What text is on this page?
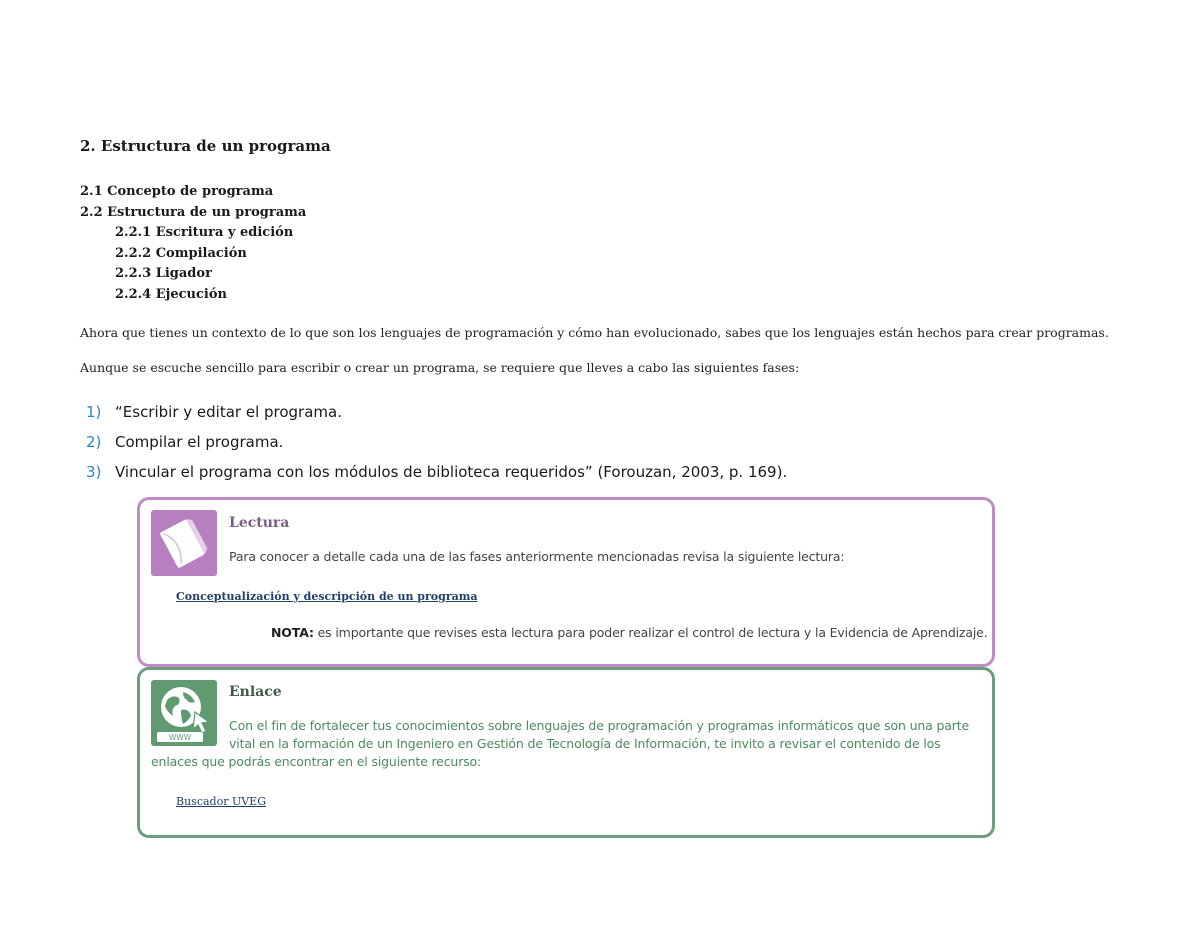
2. Estructura de un programa
2.1 Concepto de programa
2.2 Estructura de un programa
2.2.1 Escritura y edición
2.2.2 Compilación
2.2.3 Ligador
2.2.4 Ejecución

Ahora que tienes un contexto de lo que son los lenguajes de programación y cómo han evolucionado, sabes que los lenguajes están hechos para crear programas.

Aunque se escuche sencillo para escribir o crear un programa, se requiere que lleves a cabo las siguientes fases:

1) “Escribir y editar el programa.
2) Compilar el programa.
3) Vincular el programa con los módulos de biblioteca requeridos” (Forouzan, 2003, p. 169).
Lectura
Para conocer a detalle cada una de las fases anteriormente mencionadas revisa la siguiente lectura:
Conceptualización y descripción de un programa
NOTA: es importante que revises esta lectura para poder realizar el control de lectura y la Evidencia de Aprendizaje.
WWW
Enlace
Con el fin de fortalecer tus conocimientos sobre lenguajes de programación y programas informáticos que son una parte
vital en la formación de un Ingeniero en Gestión de Tecnología de Información, te invito a revisar el contenido de los
enlaces que podrás encontrar en el siguiente recurso:
Buscador UVEG
